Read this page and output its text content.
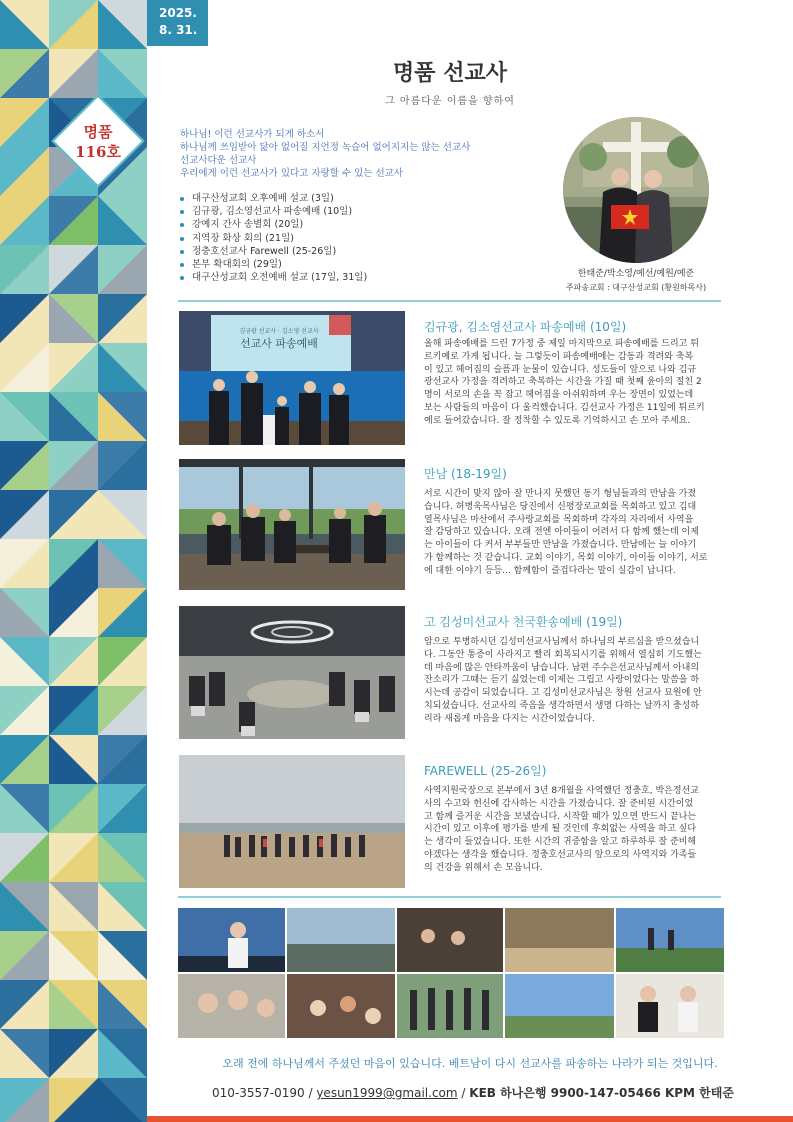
2025.
8. 31.
명품
116호
명품 선교사
그 아름다운 이름을 향하여
하나님! 이런 선교사가 되게 하소서
하나님께 쓰임받아 닳아 없어질 지언정 녹슬어 없어지지는 않는 선교사
선교사다운 선교사
우리에게 이런 선교사가 있다고 자랑할 수 있는 선교사
대구산성교회 오후예배 설교 (3일)
김규광, 김소영선교사 파송예배 (10일)
강예지 간사 송별회 (20일)
지역장 화상 회의 (21일)
정충호선교사 Farewell (25-26일)
본부 확대회의 (29일)
대구산성교회 오전예배 설교 (17일, 31일)	한태준/박소영/예선/예원/예준
주파송교회 : 대구산성교회 (황원하목사)
김규광 선교사 · 김소영 선교사
선교사 파송예배
김규광, 김소영선교사 파송예배 (10일)
올해 파송예배를 드린 7가정 중 제일 마지막으로 파송예배를 드리고 튀
르키예로 가게 됩니다. 늘 그렇듯이 파송예배에는 감동과 격려와 축복
이 있고 헤어짐의 슬픔과 눈물이 있습니다. 성도들이 앞으로 나와 김규
광선교사 가정을 격려하고 축복하는 시간을 가질 때 첫째 윤아의 절친 2
명이 서로의 손을 꼭 잡고 헤어짐을 아쉬워하며 우는 장면이 있었는데
보는 사람들의 마음이 다 울컥했습니다. 김선교사 가정은 11일에 튀르키
예로 들어갔습니다. 잘 정착할 수 있도록 기억하시고 손 모아 주세요.
만남 (18-19일)
서로 시간이 맞지 않아 잘 만나지 못했던 동기 형님들과의 만남을 가졌
습니다. 허병욱목사님은 당진에서 신평장로교회를 목회하고 있고 김대
열목사님은 마산에서 주사랑교회를 목회하며 각자의 자리에서 사역을
잘 감당하고 있습니다. 오래 전엔 아이들이 어려서 다 함께 했는데 이제
는 아이들이 다 커서 부부들만 만남을 가졌습니다. 만남에는 늘 이야기
가 함께하는 것 같습니다. 교회 이야기, 목회 이야기, 아이들 이야기, 서로
에 대한 이야기 등등... 함께함이 즐겁다라는 말이 실감이 납니다.
고 김성미선교사 천국환송예배 (19일)
암으로 투병하시던 김성미선교사님께서 하나님의 부르심을 받으셨습니
다. 그동안 통증이 사라지고 빨리 회복되시기를 위해서 열심히 기도했는
데 마음에 많은 안타까움이 남습니다. 남편 주수은선교사님께서 아내의
잔소리가 그때는 듣기 싫었는데 이제는 그립고 사랑이었다는 말씀을 하
시는데 공감이 되었습니다. 고 김성미선교사님은 창원 선교사 묘원에 안
치되셨습니다. 선교사의 죽음을 생각하면서 생명 다하는 날까지 충성하
리라 새롭게 마음을 다지는 시간이었습니다.
FAREWELL (25-26일)
사역지원국장으로 본부에서 3년 8개월을 사역했던 정충호, 박은정선교
사의 수고와 헌신에 감사하는 시간을 가졌습니다. 잘 준비된 시간이었
고 함께 즐거운 시간을 보냈습니다. 시작할 때가 있으면 반드시 끝나는
시간이 있고 이후에 평가를 받게 될 것인데 후회없는 사역을 하고 싶다
는 생각이 들었습니다. 또한 시간의 귀중함을 알고 하루하루 잘 준비해
야겠다는 생각을 했습니다. 정충호선교사의 앞으로의 사역지와 가족들
의 건강을 위해서 손 모읍니다.
오래 전에 하나님께서 주셨던 마음이 있습니다. 베트남이 다시 선교사를 파송하는 나라가 되는 것입니다.
010-3557-0190 / yesun1999@gmail.com / KEB 하나은행 9900-147-05466 KPM 한태준
